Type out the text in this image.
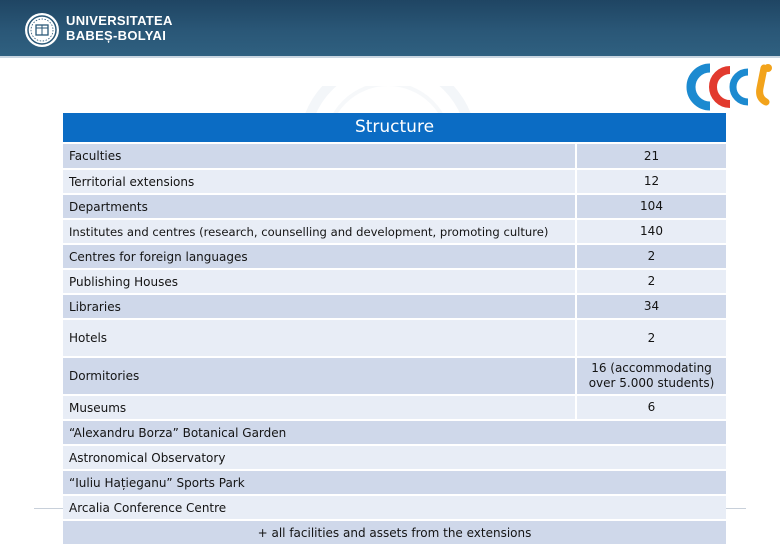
UNIVERSITATEA
BABEȘ-BOLYAI
Structure
Faculties	21
Territorial extensions	12
Departments	104
Institutes and centres (research, counselling and development, promoting culture)	140
Centres for foreign languages	2
Publishing Houses	2
Libraries	34
Hotels	2
Dormitories	16 (accommodating
over 5.000 students)

Museums	6
“Alexandru Borza” Botanical Garden	
Astronomical Observatory	
“Iuliu Hațieganu” Sports Park	
Arcalia Conference Centre	
+ all facilities and assets from the extensions	
